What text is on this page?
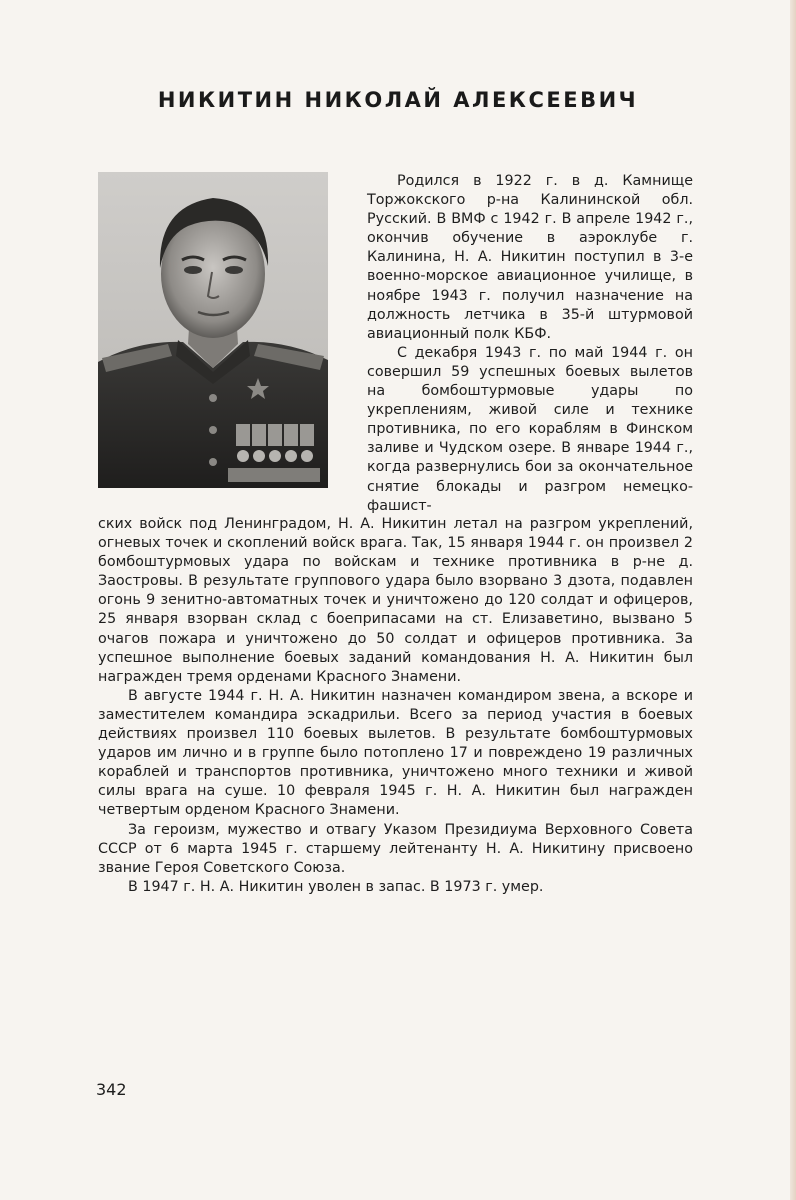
НИКИТИН НИКОЛАЙ АЛЕКСЕЕВИЧ

Родился в 1922 г. в д. Камнище Торжокского р-на Калининской обл. Русский. В ВМФ с 1942 г. В апреле 1942 г., окончив обучение в аэроклубе г. Калинина, Н. А. Никитин поступил в 3-е военно-морское авиационное училище, в ноябре 1943 г. получил назначение на должность летчика в 35-й штурмовой авиационный полк КБФ.

С декабря 1943 г. по май 1944 г. он совершил 59 успешных боевых вылетов на бомбоштурмовые удары по укреплениям, живой силе и технике противника, по его кораблям в Финском заливе и Чудском озере. В январе 1944 г., когда развернулись бои за окончательное снятие блокады и разгром немецко-фашист-

ских войск под Ленинградом, Н. А. Никитин летал на разгром укреплений, огневых точек и скоплений войск врага. Так, 15 января 1944 г. он произвел 2 бомбоштурмовых удара по войскам и технике противника в р-не д. Заостровы. В результате группового удара было взорвано 3 дзота, подавлен огонь 9 зенитно-автоматных точек и уничтожено до 120 солдат и офицеров, 25 января взорван склад с боеприпасами на ст. Елизаветино, вызвано 5 очагов пожара и уничтожено до 50 солдат и офицеров противника. За успешное выполнение боевых заданий командования Н. А. Никитин был награжден тремя орденами Красного Знамени.

В августе 1944 г. Н. А. Никитин назначен командиром звена, а вскоре и заместителем командира эскадрильи. Всего за период участия в боевых действиях произвел 110 боевых вылетов. В результате бомбоштурмовых ударов им лично и в группе было потоплено 17 и повреждено 19 различных кораблей и транспортов противника, уничтожено много техники и живой силы врага на суше. 10 февраля 1945 г. Н. А. Никитин был награжден четвертым орденом Красного Знамени.

За героизм, мужество и отвагу Указом Президиума Верховного Совета СССР от 6 марта 1945 г. старшему лейтенанту Н. А. Никитину присвоено звание Героя Советского Союза.

В 1947 г. Н. А. Никитин уволен в запас. В 1973 г. умер.

342
